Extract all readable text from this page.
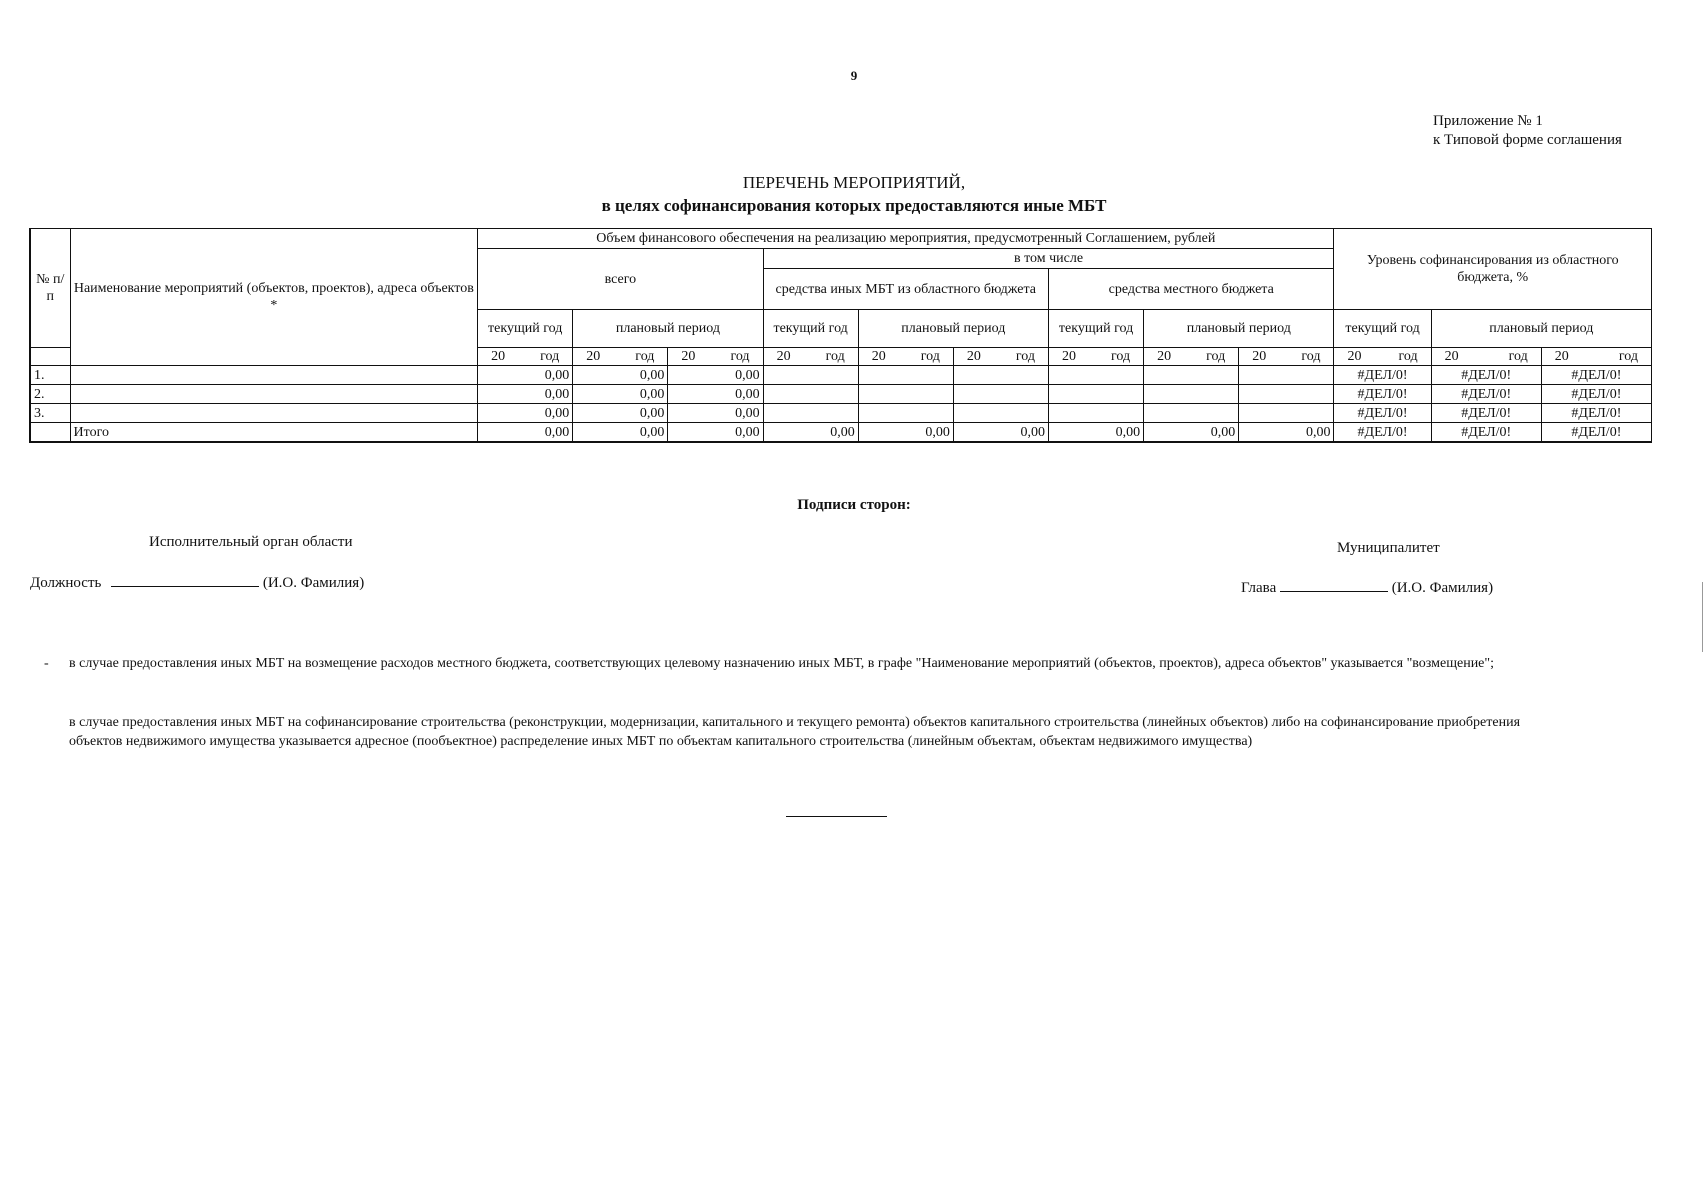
9
Приложение № 1
к Типовой форме соглашения
ПЕРЕЧЕНЬ МЕРОПРИЯТИЙ,
в целях софинансирования которых предоставляются иные МБТ
№ п/п	Наименование мероприятий (объектов, проектов), адреса объектов *	Объем финансового обеспечения на реализацию мероприятия, предусмотренный Соглашением, рублей									Уровень софинансирования из областного бюджета, %		
		всего			в том числе								
					средства иных МБТ из областного бюджета			средства местного бюджета					
		текущий год	плановый период		текущий год	плановый период		текущий год	плановый период		текущий год	плановый период	

		20 год	20 год	20 год	20 год	20 год	20 год	20 год	20 год	20 год	20 год	20 год	20 год

1.		0,00	0,00	0,00							#ДЕЛ/0!	#ДЕЛ/0!	#ДЕЛ/0!
2.		0,00	0,00	0,00							#ДЕЛ/0!	#ДЕЛ/0!	#ДЕЛ/0!
3.		0,00	0,00	0,00							#ДЕЛ/0!	#ДЕЛ/0!	#ДЕЛ/0!
	Итого	0,00	0,00	0,00	0,00	0,00	0,00	0,00	0,00	0,00	#ДЕЛ/0!	#ДЕЛ/0!	#ДЕЛ/0!
Подписи сторон:
Исполнительный орган области	Муниципалитет
Должность	(И.О. Фамилия)	Глава	(И.О. Фамилия)
- в случае предоставления иных МБТ на возмещение расходов местного бюджета, соответствующих целевому назначению иных МБТ, в графе "Наименование мероприятий (объектов, проектов), адреса объектов" указывается "возмещение";
в случае предоставления иных МБТ на софинансирование строительства (реконструкции, модернизации, капитального и текущего ремонта) объектов капитального строительства (линейных объектов) либо на софинансирование приобретения объектов недвижимого имущества указывается адресное (пообъектное) распределение иных МБТ по объектам капитального строительства (линейным объектам, объектам недвижимого имущества)
